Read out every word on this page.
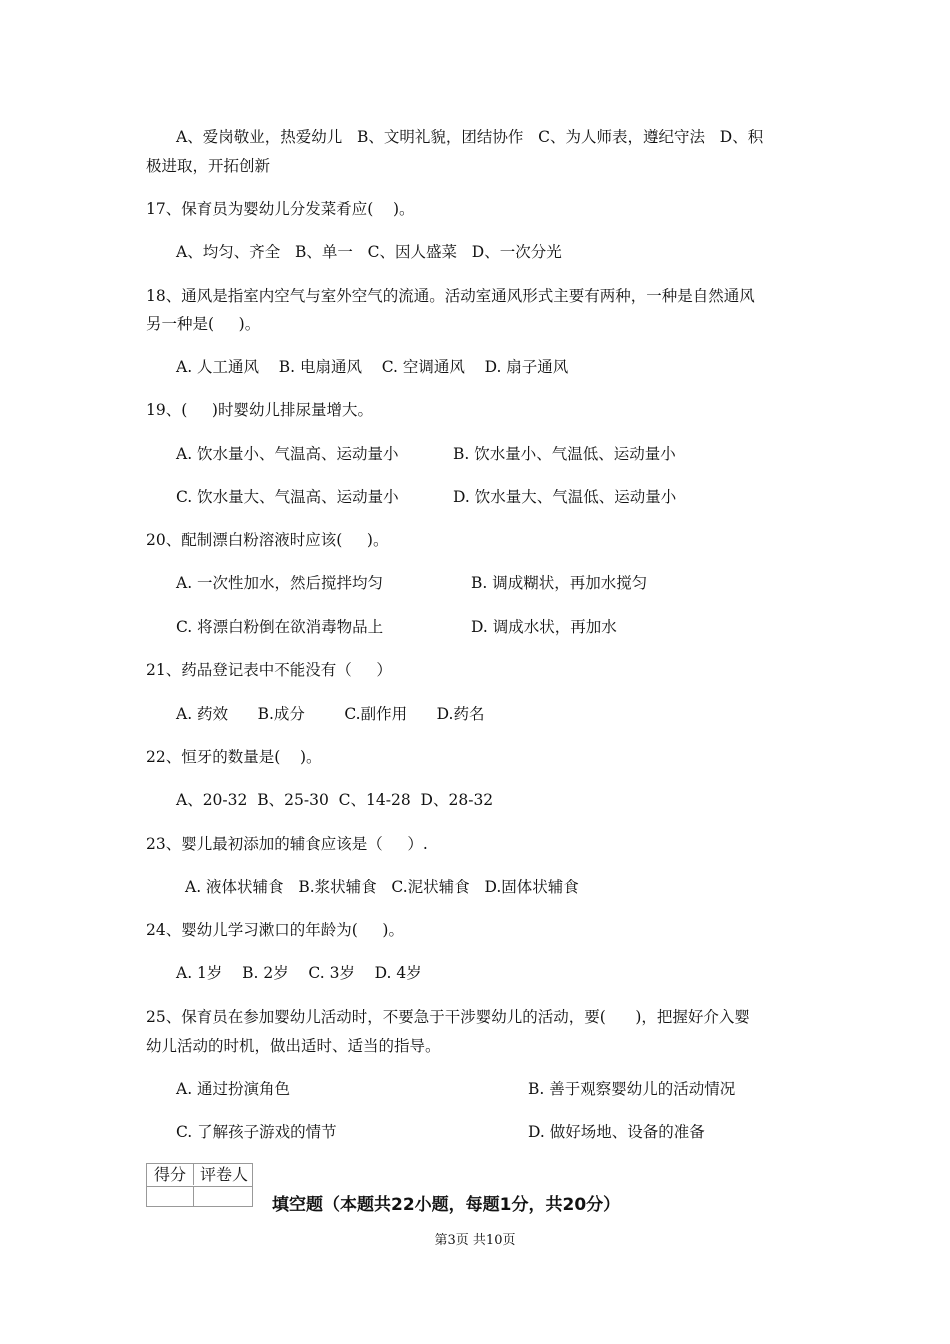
A、爱岗敬业，热爱幼儿   B、文明礼貌，团结协作   C、为人师表，遵纪守法   D、积
极进取，开拓创新
17、保育员为婴幼儿分发菜肴应(    )。
A、均匀、齐全   B、单一   C、因人盛菜   D、一次分光
18、通风是指室内空气与室外空气的流通。活动室通风形式主要有两种，一种是自然通风
另一种是(     )。
A. 人工通风    B. 电扇通风    C. 空调通风    D. 扇子通风
19、(     )时婴幼儿排尿量增大。
A. 饮水量小、气温高、运动量小	B. 饮水量小、气温低、运动量小
C. 饮水量大、气温高、运动量小	D. 饮水量大、气温低、运动量小
20、配制漂白粉溶液时应该(     )。
A. 一次性加水，然后搅拌均匀	B. 调成糊状，再加水搅匀
C. 将漂白粉倒在欲消毒物品上	D. 调成水状，再加水
21、药品登记表中不能没有（     ）
A. 药效      B.成分        C.副作用      D.药名
22、恒牙的数量是(    )。
A、20-32  B、25-30  C、14-28  D、28-32
23、婴儿最初添加的辅食应该是（     ）.
A. 液体状辅食   B.浆状辅食   C.泥状辅食   D.固体状辅食
24、婴幼儿学习漱口的年龄为(     )。
A. 1岁    B. 2岁    C. 3岁    D. 4岁
25、保育员在参加婴幼儿活动时，不要急于干涉婴幼儿的活动，要(      )，把握好介入婴
幼儿活动的时机，做出适时、适当的指导。
A. 通过扮演角色	B. 善于观察婴幼儿的活动情况
C. 了解孩子游戏的情节	D. 做好场地、设备的准备
得分 评卷人
填空题（本题共22小题，每题1分，共20分）
第3页 共10页
